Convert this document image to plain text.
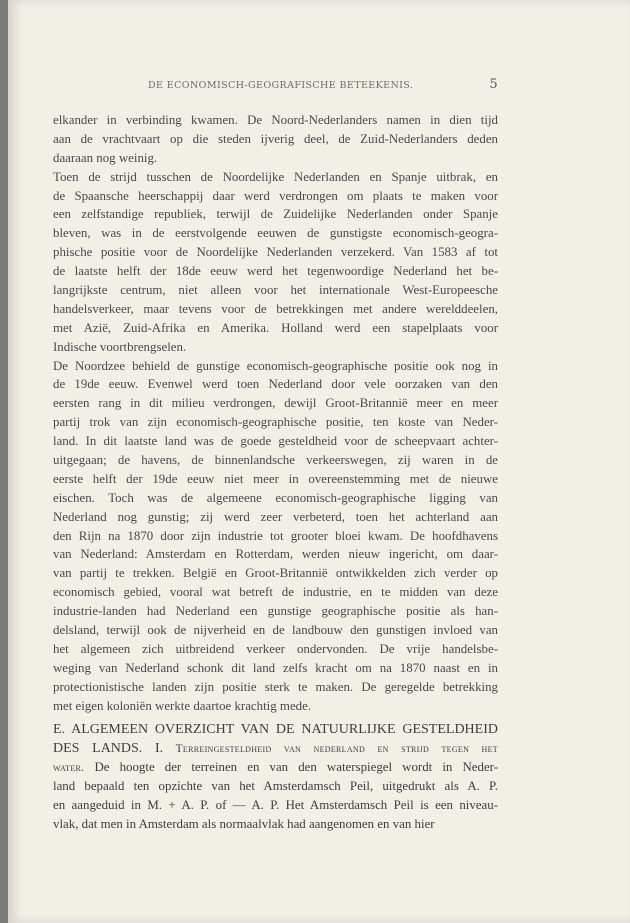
DE ECONOMISCH-GEOGRAFISCHE BETEEKENIS.	5
elkander in verbinding kwamen. De Noord-Nederlanders namen in dien tijd
aan de vrachtvaart op die steden ijverig deel, de Zuid-Nederlanders deden
daaraan nog weinig.
Toen de strijd tusschen de Noordelijke Nederlanden en Spanje uitbrak, en
de Spaansche heerschappij daar werd verdrongen om plaats te maken voor
een zelfstandige republiek, terwijl de Zuidelijke Nederlanden onder Spanje
bleven, was in de eerstvolgende eeuwen de gunstigste economisch-geogra-
phische positie voor de Noordelijke Nederlanden verzekerd. Van 1583 af tot
de laatste helft der 18de eeuw werd het tegenwoordige Nederland het be-
langrijkste centrum, niet alleen voor het internationale West-Europeesche
handelsverkeer, maar tevens voor de betrekkingen met andere werelddeelen,
met Azië, Zuid-Afrika en Amerika. Holland werd een stapelplaats voor
Indische voortbrengselen.
De Noordzee behield de gunstige economisch-geographische positie ook nog in
de 19de eeuw. Evenwel werd toen Nederland door vele oorzaken van den
eersten rang in dit milieu verdrongen, dewijl Groot-Britannië meer en meer
partij trok van zijn economisch-geographische positie, ten koste van Neder-
land. In dit laatste land was de goede gesteldheid voor de scheepvaart achter-
uitgegaan; de havens, de binnenlandsche verkeerswegen, zij waren in de
eerste helft der 19de eeuw niet meer in overeenstemming met de nieuwe
eischen. Toch was de algemeene economisch-geographische ligging van
Nederland nog gunstig; zij werd zeer verbeterd, toen het achterland aan
den Rijn na 1870 door zijn industrie tot grooter bloei kwam. De hoofdhavens
van Nederland: Amsterdam en Rotterdam, werden nieuw ingericht, om daar-
van partij te trekken. België en Groot-Britannië ontwikkelden zich verder op
economisch gebied, vooral wat betreft de industrie, en te midden van deze
industrie-landen had Nederland een gunstige geographische positie als han-
delsland, terwijl ook de nijverheid en de landbouw den gunstigen invloed van
het algemeen zich uitbreidend verkeer ondervonden. De vrije handelsbe-
weging van Nederland schonk dit land zelfs kracht om na 1870 naast en in
protectionistische landen zijn positie sterk te maken. De geregelde betrekking
met eigen koloniën werkte daartoe krachtig mede.
E. ALGEMEEN OVERZICHT VAN DE NATUURLIJKE GESTELDHEID
DES LANDS. I. Terreingesteldheid van nederland en strijd tegen het
water. De hoogte der terreinen en van den waterspiegel wordt in Neder-
land bepaald ten opzichte van het Amsterdamsch Peil, uitgedrukt als A. P.
en aangeduid in M. + A. P. of — A. P. Het Amsterdamsch Peil is een niveau-
vlak, dat men in Amsterdam als normaalvlak had aangenomen en van hier
